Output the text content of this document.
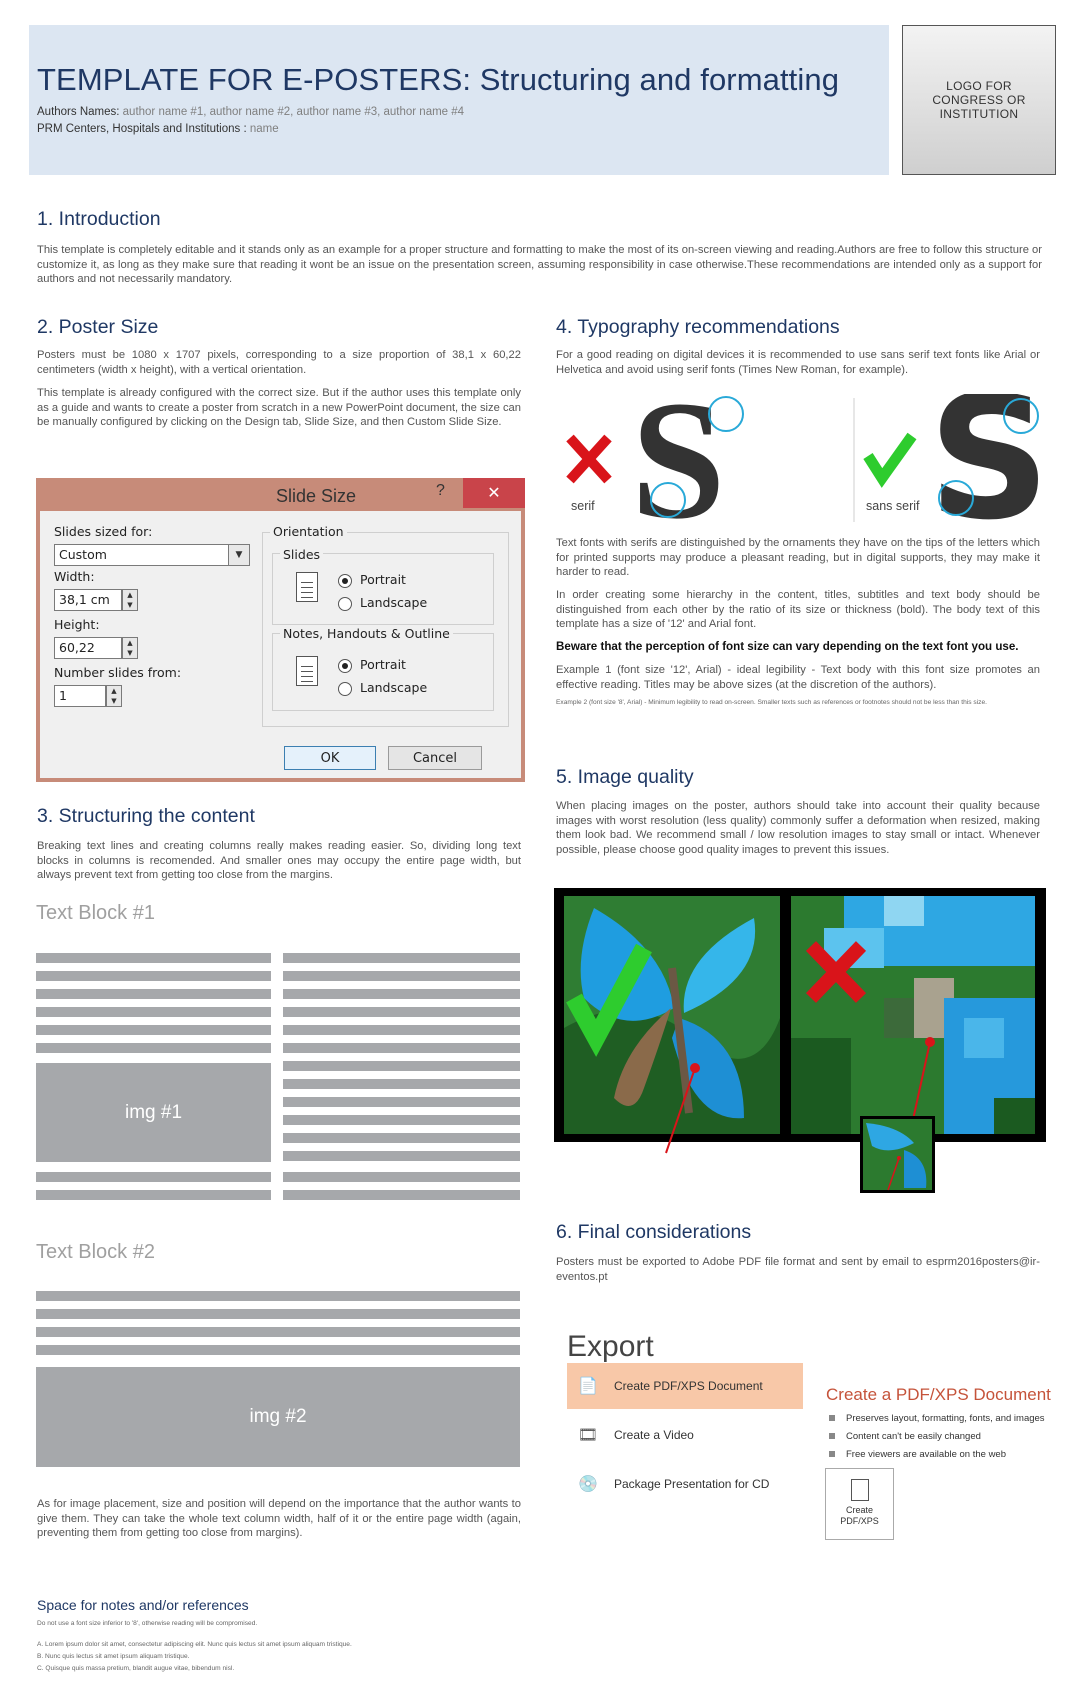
TEMPLATE FOR E-POSTERS: Structuring and formatting
Authors Names: author name #1, author name #2, author name #3, author name #4
PRM Centers, Hospitals and Institutions : name
LOGO FOR CONGRESS OR INSTITUTION
1. Introduction

This template is completely editable and it stands only as an example for a proper structure and formatting to make the most of its on-screen viewing and reading.Authors are free to follow this structure or customize it, as long as they make sure that reading it wont be an issue on the presentation screen, assuming responsibility in case otherwise.These recommendations are intended only as a support for authors and not necessarily mandatory.

2. Poster Size

Posters must be 1080 x 1707 pixels, corresponding to a size proportion of 38,1 x 60,22 centimeters (width x height), with a vertical orientation.

This template is already configured with the correct size. But if the author uses this template only as a guide and wants to create a poster from scratch in a new PowerPoint document, the size can be manually configured by clicking on the Design tab, Slide Size, and then Custom Slide Size.

Slide Size	?	✕
Slides sized for:
Custom	▼
Width:
38,1 cm	▲
▼
Height:
60,22	▲
▼
Number slides from:
1	▲
▼
Orientation
Slides
Portrait
Landscape
Notes, Handouts & Outline
Portrait
Landscape
OK	Cancel
3. Structuring the content

Breaking text lines and creating columns really makes reading easier. So, dividing long text blocks in columns is recomended. And smaller ones may occupy the entire page width, but always prevent text from getting too close from the margins.

Text Block #1
img #1
Text Block #2
img #2

As for image placement, size and position will depend on the importance that the author wants to give them. They can take the whole text column width, half of it or the entire page width (again, preventing them from getting too close from margins).

4. Typography recommendations

For a good reading on digital devices it is recommended to use sans serif text fonts like Arial or Helvetica and avoid using serif fonts (Times New Roman, for example).

S S
serif	sans serif

Text fonts with serifs are distinguished by the ornaments they have on the tips of the letters which for printed supports may produce a pleasant reading, but in digital supports, they may make it harder to read.

In order creating some hierarchy in the content, titles, subtitles and text body should be distinguished from each other by the ratio of its size or thickness (bold). The body text of this template has a size of '12' and Arial font.

Beware that the perception of font size can vary depending on the text font you use.

Example 1 (font size '12', Arial) - ideal legibility - Text body with this font size promotes an effective reading. Titles may be above sizes (at the discretion of the authors).

Example 2 (font size '8', Arial) - Minimum legibility to read on-screen. Smaller texts such as references or footnotes should not be less than this size.

5. Image quality

When placing images on the poster, authors should take into account their quality because images with worst resolution (less quality) commonly suffer a deformation when resized, making them look bad. We recommend small / low resolution images to stay small or intact. Whenever possible, please choose good quality images to prevent this issues.

6. Final considerations

Posters must be exported to Adobe PDF file format and sent by email to esprm2016posters@ir-eventos.pt

Export
📄 Create PDF/XPS Document
🎞 Create a Video
💿 Package Presentation for CD
Create a PDF/XPS Document
Preserves layout, formatting, fonts, and images
Content can't be easily changed
Free viewers are available on the web
Create PDF/XPS
Space for notes and/or references
Do not use a font size inferior to '8', otherwise reading will be compromised.
A. Lorem ipsum dolor sit amet, consectetur adipiscing elit. Nunc quis lectus sit amet ipsum aliquam tristique.
B. Nunc quis lectus sit amet ipsum aliquam tristique.
C. Quisque quis massa pretium, blandit augue vitae, bibendum nisl.
